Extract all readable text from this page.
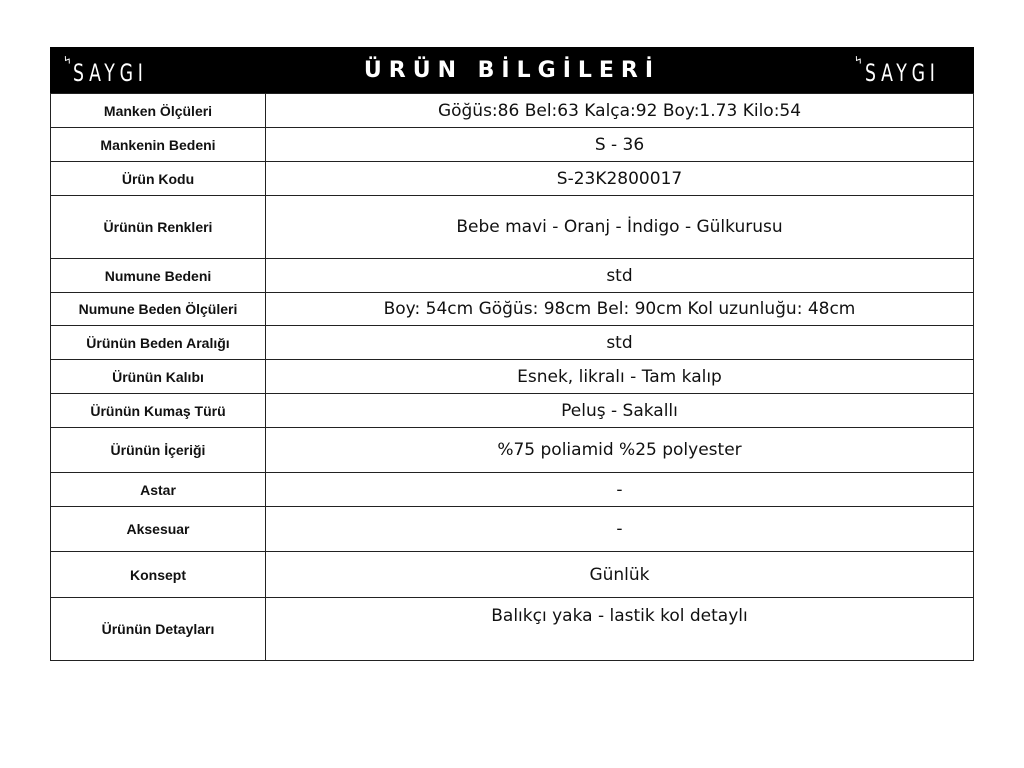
ϟ SAYGI	ÜRÜN BİLGİLERİ	ϟ SAYGI
Manken Ölçüleri	Göğüs:86 Bel:63 Kalça:92 Boy:1.73 Kilo:54
Mankenin Bedeni	S - 36
Ürün Kodu	S-23K2800017
Ürünün Renkleri	Bebe mavi - Oranj - İndigo - Gülkurusu
Numune Bedeni	std
Numune Beden Ölçüleri	Boy: 54cm Göğüs: 98cm Bel: 90cm Kol uzunluğu: 48cm
Ürünün Beden Aralığı	std
Ürünün Kalıbı	Esnek, likralı - Tam kalıp
Ürünün Kumaş Türü	Peluş - Sakallı
Ürünün İçeriği	%75 poliamid %25 polyester
Astar	-
Aksesuar	-
Konsept	Günlük
Ürünün Detayları	Balıkçı yaka - lastik kol detaylı
